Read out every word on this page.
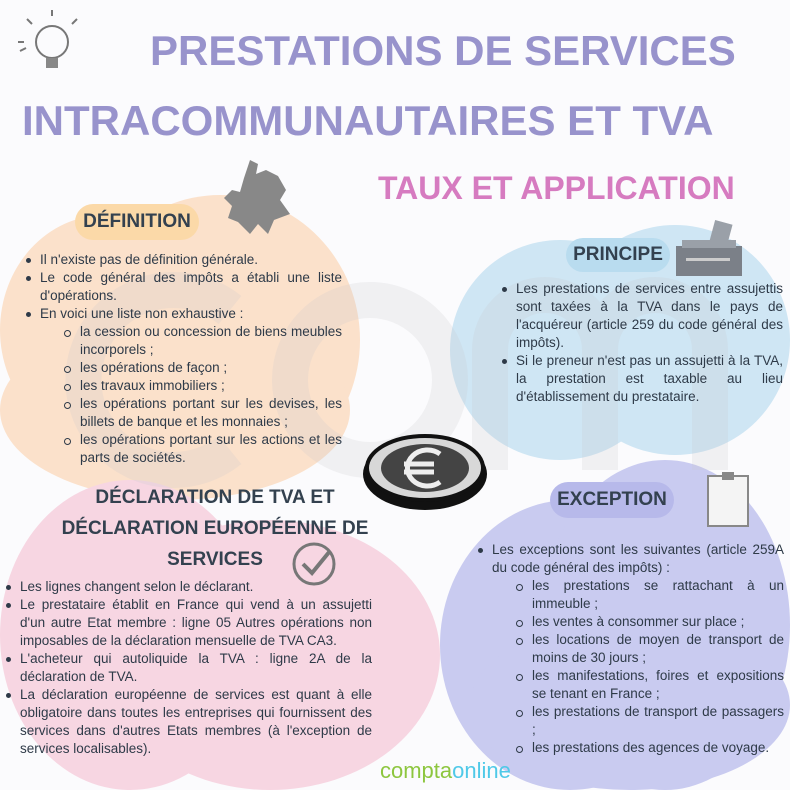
PRESTATIONS DE SERVICES
INTRACOMMUNAUTAIRES ET TVA
TAUX ET APPLICATION
DÉFINITION
Il n'existe pas de définition générale.
Le code général des impôts a établi une liste d'opérations.
En voici une liste non exhaustive :
la cession ou concession de biens meubles incorporels ;
les opérations de façon ;
les travaux immobiliers ;
les opérations portant sur les devises, les billets de banque et les monnaies ;
les opérations portant sur les actions et les parts de sociétés.
PRINCIPE
Les prestations de services entre assujettis sont taxées à la TVA dans le pays de l'acquéreur (article 259 du code général des impôts).
Si le preneur n'est pas un assujetti à la TVA, la prestation est taxable au lieu d'établissement du prestataire.
DÉCLARATION DE TVA ET DÉCLARATION EUROPÉENNE DE SERVICES
Les lignes changent selon le déclarant.
Le prestataire établit en France qui vend à un assujetti d'un autre Etat membre : ligne 05 Autres opérations non imposables de la déclaration mensuelle de TVA CA3.
L'acheteur qui autoliquide la TVA : ligne 2A de la déclaration de TVA.
La déclaration européenne de services est quant à elle obligatoire dans toutes les entreprises qui fournissent des services dans d'autres Etats membres (à l'exception de services localisables).
EXCEPTION
Les exceptions sont les suivantes (article 259A du code général des impôts) :
les prestations se rattachant à un immeuble ;
les ventes à consommer sur place ;
les locations de moyen de transport de moins de 30 jours ;
les manifestations, foires et expositions se tenant en France ;
les prestations de transport de passagers ;
les prestations des agences de voyage.
comptaonline
